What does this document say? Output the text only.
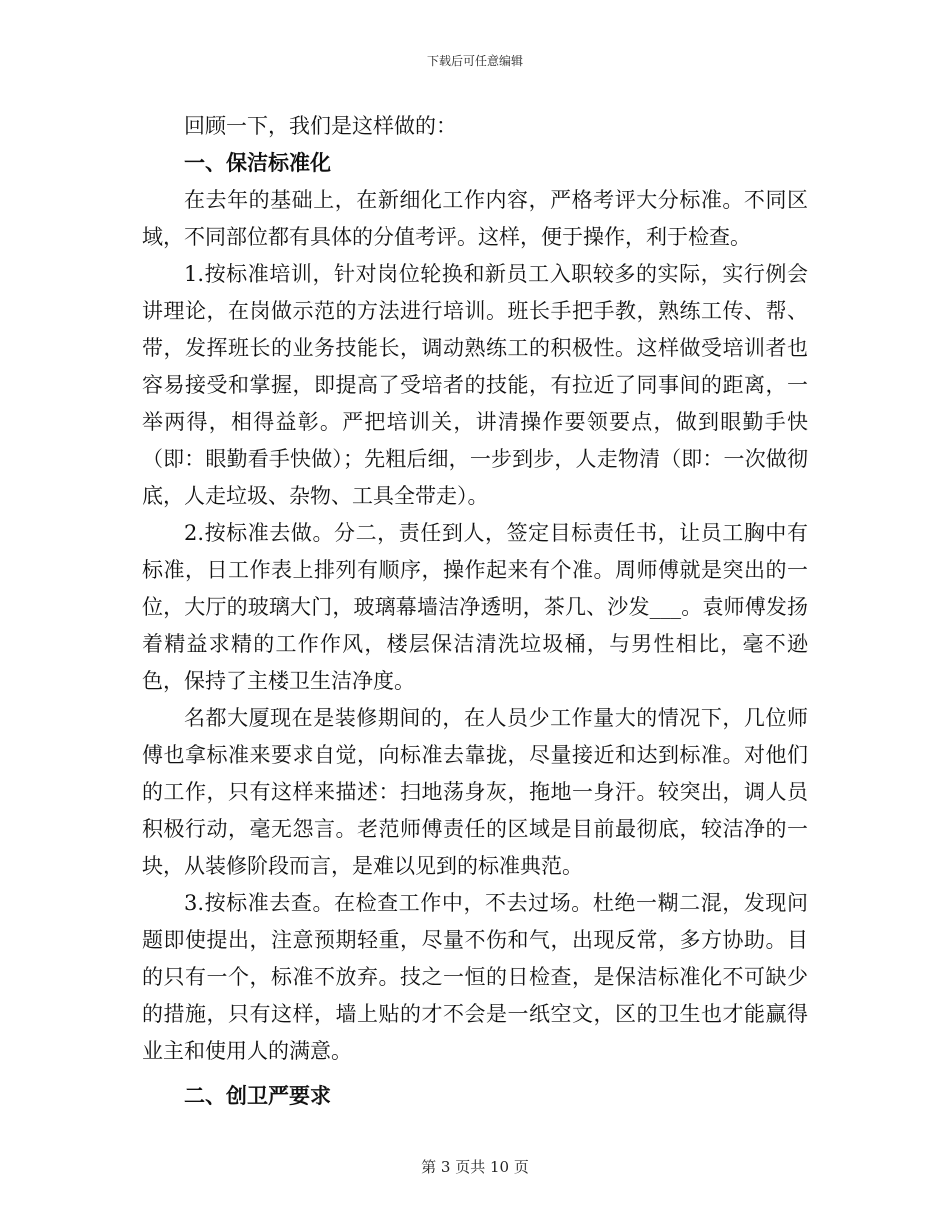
下载后可任意编辑

回顾一下，我们是这样做的：

一、保洁标准化

在去年的基础上，在新细化工作内容，严格考评大分标准。不同区域，不同部位都有具体的分值考评。这样，便于操作，利于检查。

1.按标准培训，针对岗位轮换和新员工入职较多的实际，实行例会讲理论，在岗做示范的方法进行培训。班长手把手教，熟练工传、帮、带，发挥班长的业务技能长，调动熟练工的积极性。这样做受培训者也容易接受和掌握，即提高了受培者的技能，有拉近了同事间的距离，一举两得，相得益彰。严把培训关，讲清操作要领要点，做到眼勤手快（即：眼勤看手快做）；先粗后细，一步到步，人走物清（即：一次做彻底，人走垃圾、杂物、工具全带走）。

2.按标准去做。分二，责任到人，签定目标责任书，让员工胸中有标准，日工作表上排列有顺序，操作起来有个准。周师傅就是突出的一位，大厅的玻璃大门，玻璃幕墙洁净透明，茶几、沙发___。袁师傅发扬着精益求精的工作作风，楼层保洁清洗垃圾桶，与男性相比，毫不逊色，保持了主楼卫生洁净度。

名都大厦现在是装修期间的，在人员少工作量大的情况下，几位师傅也拿标准来要求自觉，向标准去靠拢，尽量接近和达到标准。对他们的工作，只有这样来描述：扫地荡身灰，拖地一身汗。较突出，调人员积极行动，毫无怨言。老范师傅责任的区域是目前最彻底，较洁净的一块，从装修阶段而言，是难以见到的标准典范。

3.按标准去查。在检查工作中，不去过场。杜绝一糊二混，发现问题即使提出，注意预期轻重，尽量不伤和气，出现反常，多方协助。目的只有一个，标准不放弃。技之一恒的日检查，是保洁标准化不可缺少的措施，只有这样，墙上贴的才不会是一纸空文，区的卫生也才能赢得业主和使用人的满意。

二、创卫严要求

第 3 页共 10 页
